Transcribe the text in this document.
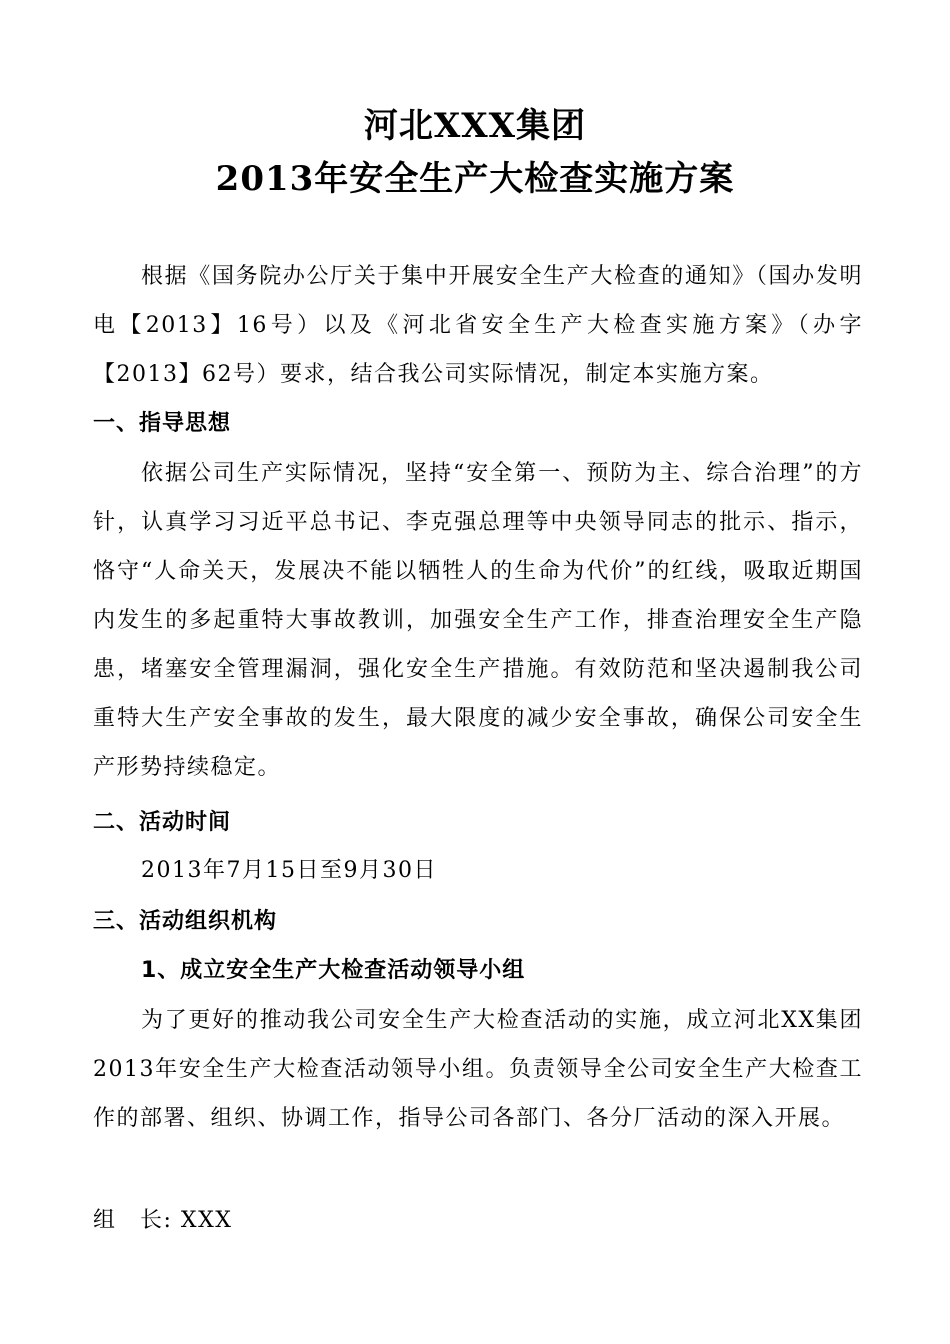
河北XXX集团
2013年安全生产大检查实施方案
根据《国务院办公厅关于集中开展安全生产大检查的通知》（国办发明电【2013】16号）以及《河北省安全生产大检查实施方案》（办字【2013】62号）要求，结合我公司实际情况，制定本实施方案。
一、指导思想
依据公司生产实际情况，坚持“安全第一、预防为主、综合治理”的方针，认真学习习近平总书记、李克强总理等中央领导同志的批示、指示，恪守“人命关天，发展决不能以牺牲人的生命为代价”的红线，吸取近期国内发生的多起重特大事故教训，加强安全生产工作，排查治理安全生产隐患，堵塞安全管理漏洞，强化安全生产措施。有效防范和坚决遏制我公司重特大生产安全事故的发生，最大限度的减少安全事故，确保公司安全生产形势持续稳定。
二、活动时间
2013年7月15日至9月30日
三、活动组织机构
1、成立安全生产大检查活动领导小组
为了更好的推动我公司安全生产大检查活动的实施，成立河北XX集团2013年安全生产大检查活动领导小组。负责领导全公司安全生产大检查工作的部署、组织、协调工作，指导公司各部门、各分厂活动的深入开展。
组　长: XXX
